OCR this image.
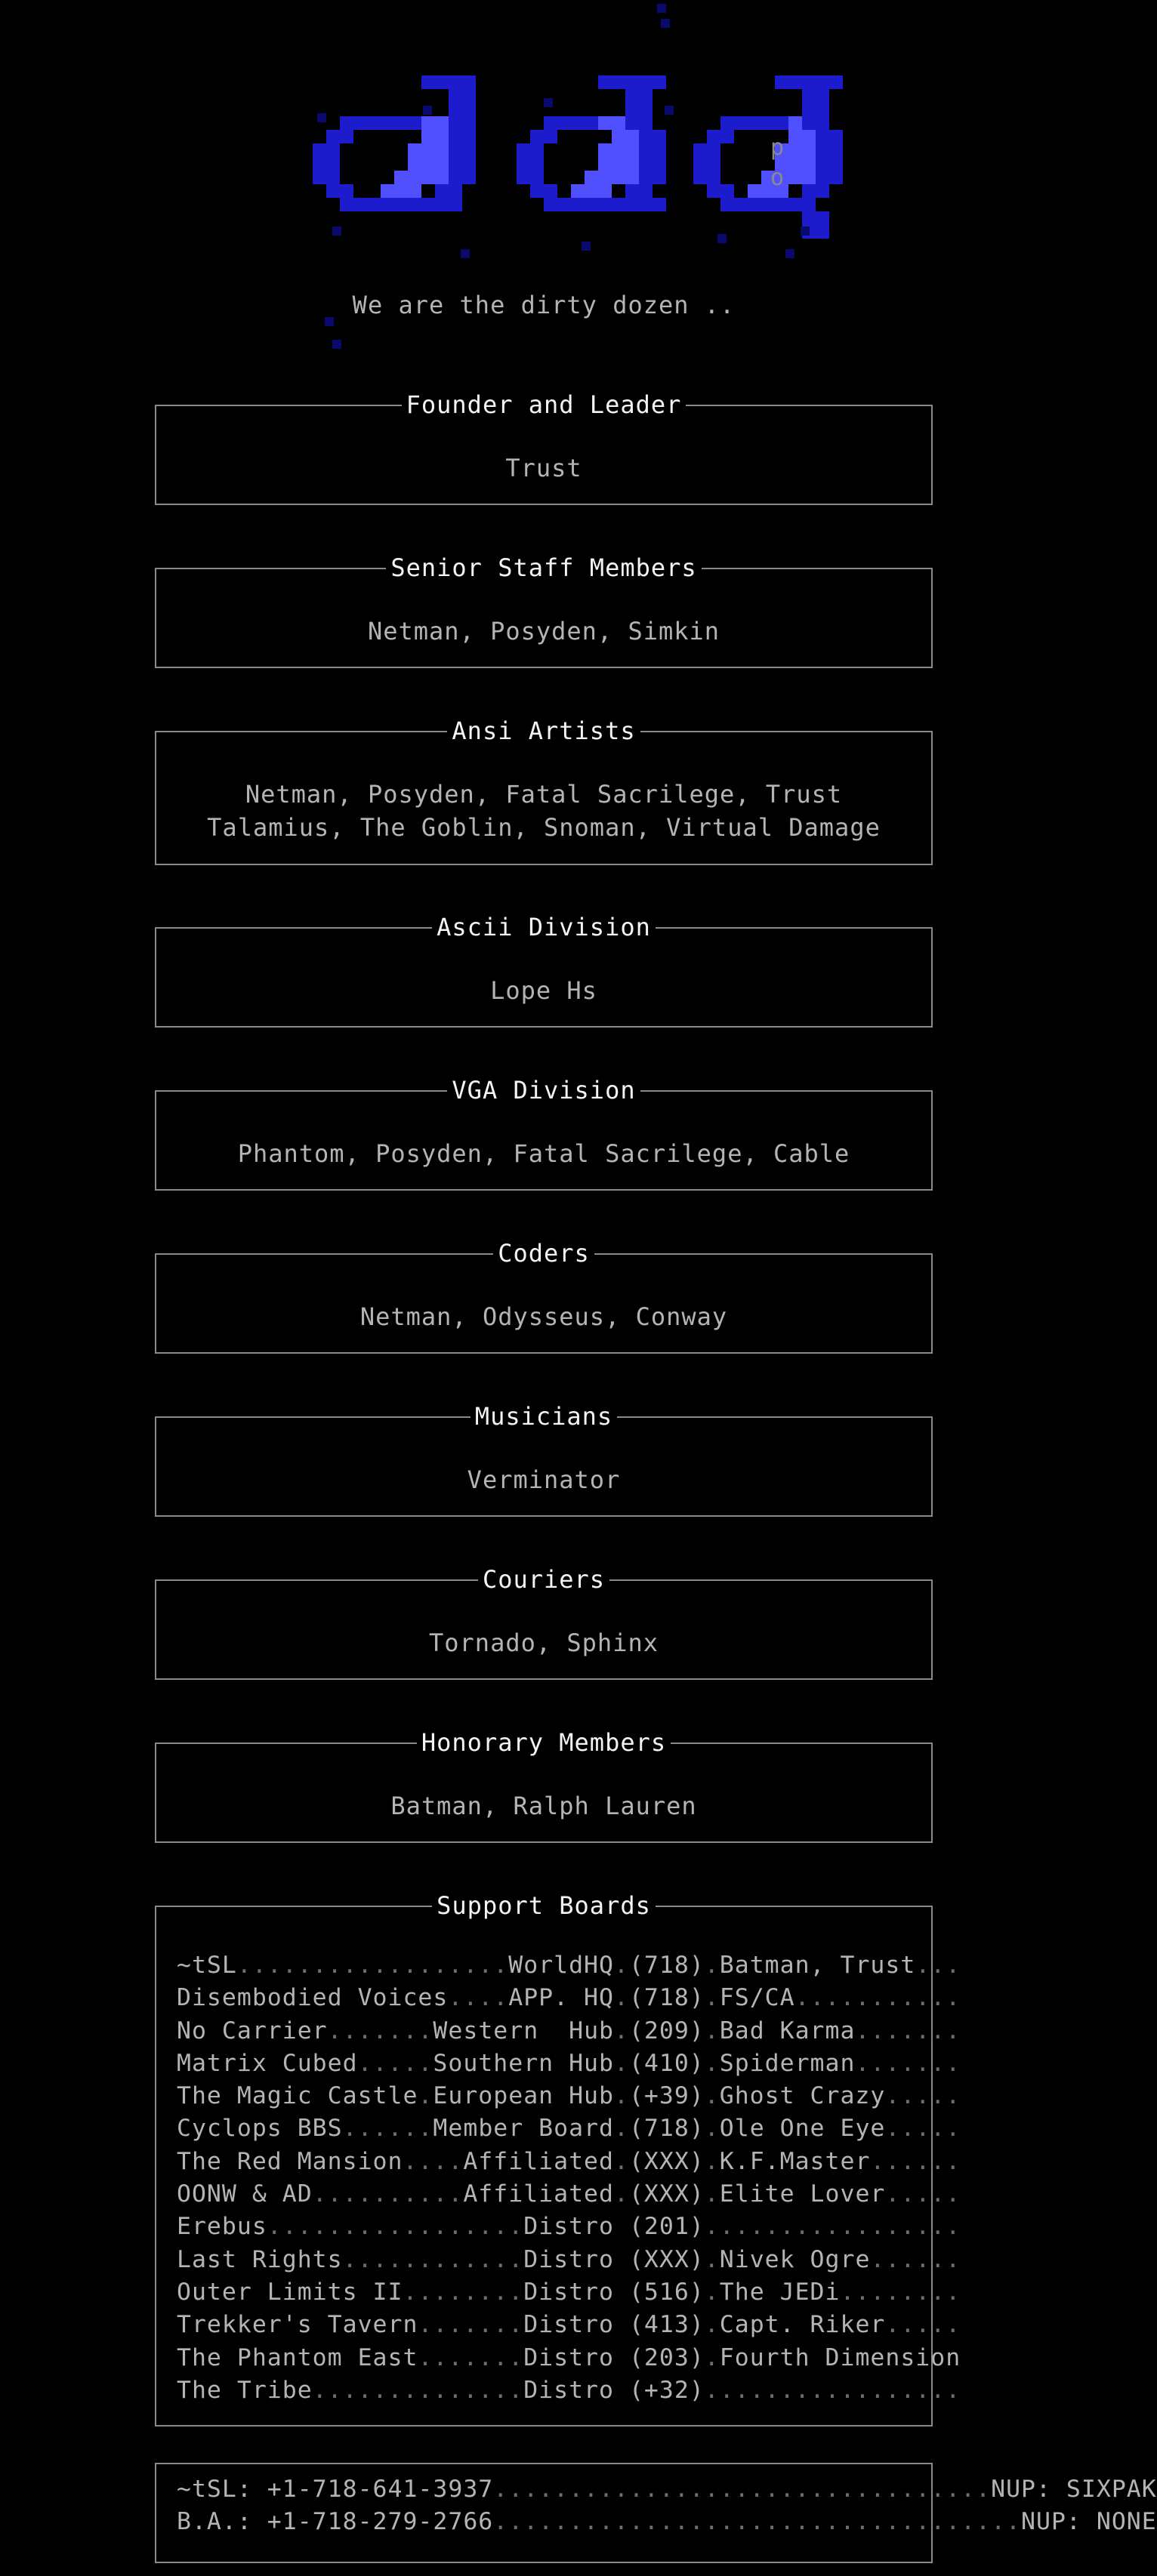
p
o
We are the dirty dozen ..
Founder and Leader
Trust
Senior Staff Members
Netman, Posyden, Simkin
Ansi Artists
Netman, Posyden, Fatal Sacrilege, Trust
Talamius, The Goblin, Snoman, Virtual Damage
Ascii Division
Lope Hs
VGA Division
Phantom, Posyden, Fatal Sacrilege, Cable
Coders
Netman, Odysseus, Conway
Musicians
Verminator
Couriers
Tornado, Sphinx
Honorary Members
Batman, Ralph Lauren
Support Boards
~tSL..................WorldHQ.(718).Batman, Trust...
Disembodied Voices....APP. HQ.(718).FS/CA...........
No Carrier.......Western  Hub.(209).Bad Karma.......
Matrix Cubed.....Southern Hub.(410).Spiderman.......
The Magic Castle.European Hub.(+39).Ghost Crazy.....
Cyclops BBS......Member Board.(718).Ole One Eye.....
The Red Mansion....Affiliated.(XXX).K.F.Master......
OONW & AD..........Affiliated.(XXX).Elite Lover.....
Erebus.................Distro (201).................
Last Rights............Distro (XXX).Nivek Ogre......
Outer Limits II........Distro (516).The JEDi........
Trekker's Tavern.......Distro (413).Capt. Riker.....
The Phantom East.......Distro (203).Fourth Dimension
The Tribe..............Distro (+32).................
~tSL: +1-718-641-3937.................................NUP: SIXPAK
B.A.: +1-718-279-2766...................................NUP: NONE
